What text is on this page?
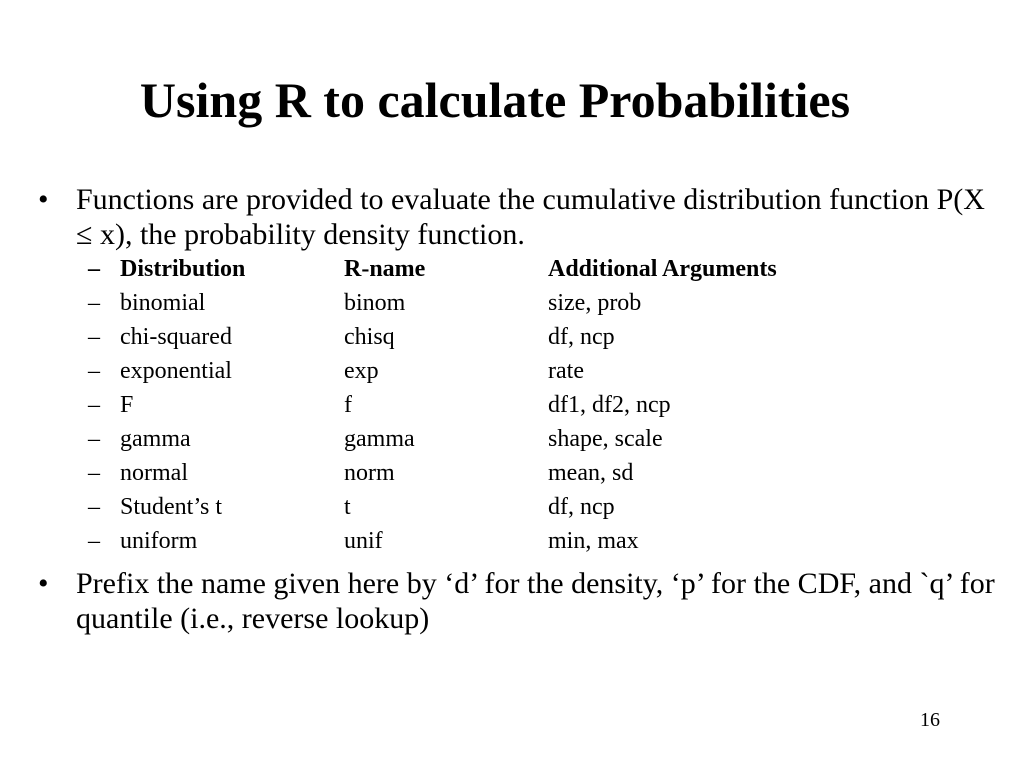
Using R to calculate Probabilities
• Functions are provided to evaluate the cumulative distribution function P(X ≤ x), the probability density function.
– Distribution	R-name	Additional Arguments
– binomial	binom	size, prob
– chi-squared	chisq	df, ncp
– exponential	exp	rate
– F	f	df1, df2, ncp
– gamma	gamma	shape, scale
– normal	norm	mean, sd
– Student’s t	t	df, ncp
– uniform	unif	min, max
• Prefix the name given here by ‘d’ for the density, ‘p’ for the CDF, and `q’ for quantile (i.e., reverse lookup)
16
